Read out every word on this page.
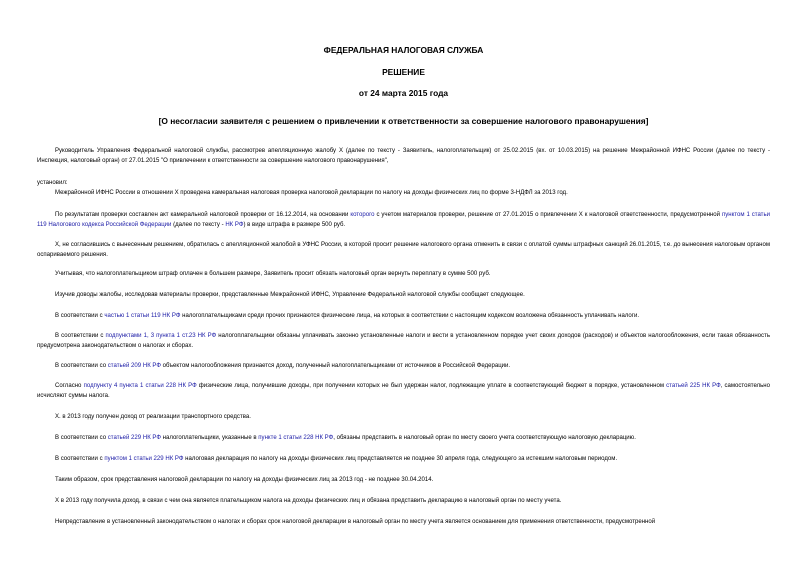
ФЕДЕРАЛЬНАЯ НАЛОГОВАЯ СЛУЖБА
РЕШЕНИЕ
от 24 марта 2015 года
[О несогласии заявителя с решением о привлечении к ответственности за совершение налогового правонарушения]

Руководитель Управления Федеральной налоговой службы, рассмотрев апелляционную жалобу Х (далее по тексту - Заявитель, налогоплательщик) от 25.02.2015 (вх. от 10.03.2015) на решение Межрайонной ИФНС России (далее по тексту - Инспекция, налоговый орган) от 27.01.2015 "О привлечении к ответственности за совершение налогового правонарушения",

установил:

Межрайонной ИФНС России в отношении Х проведена камеральная налоговая проверка налоговой декларации по налогу на доходы физических лиц по форме 3-НДФЛ за 2013 год.

По результатам проверки составлен акт камеральной налоговой проверки от 16.12.2014, на основании которого с учетом материалов проверки, решение от 27.01.2015 о привлечении Х к налоговой ответственности, предусмотренной пунктом 1 статьи 119 Налогового кодекса Российской Федерации (далее по тексту - НК РФ) в виде штрафа в размере 500 руб.

Х, не согласившись с вынесенным решением, обратилась с апелляционной жалобой в УФНС России, в которой просит решение налогового органа отменить в связи с оплатой суммы штрафных санкций 26.01.2015, т.е. до вынесения налоговым органом оспариваемого решения.

Учитывая, что налогоплательщиком штраф оплачен в большем размере, Заявитель просит обязать налоговый орган вернуть переплату в сумме 500 руб.

Изучив доводы жалобы, исследовав материалы проверки, представленные Межрайонной ИФНС, Управление Федеральной налоговой службы сообщает следующее.

В соответствии с частью 1 статьи 119 НК РФ налогоплательщиками среди прочих признаются физические лица, на которых в соответствии с настоящим кодексом возложена обязанность уплачивать налоги.

В соответствии с подпунктами 1, 3 пункта 1 ст.23 НК РФ налогоплательщики обязаны уплачивать законно установленные налоги и вести в установленном порядке учет своих доходов (расходов) и объектов налогообложения, если такая обязанность предусмотрена законодательством о налогах и сборах.

В соответствии со статьей 209 НК РФ объектом налогообложения признается доход, полученный налогоплательщиками от источников в Российской Федерации.

Согласно подпункту 4 пункта 1 статьи 228 НК РФ физические лица, получившие доходы, при получении которых не был удержан налог, подлежащие уплате в соответствующий бюджет в порядке, установленном статьей 225 НК РФ, самостоятельно исчисляют суммы налога.

Х. в 2013 году получен доход от реализации транспортного средства.

В соответствии со статьей 229 НК РФ налогоплательщики, указанные в пункте 1 статьи 228 НК РФ, обязаны представить в налоговый орган по месту своего учета соответствующую налоговую декларацию.

В соответствии с пунктом 1 статьи 229 НК РФ налоговая декларация по налогу на доходы физических лиц представляется не позднее 30 апреля года, следующего за истекшим налоговым периодом.

Таким образом, срок представления налоговой декларации по налогу на доходы физических лиц за 2013 год - не позднее 30.04.2014.

Х в 2013 году получила доход, в связи с чем она является плательщиком налога на доходы физических лиц и обязана представить декларацию в налоговый орган по месту учета.

Непредставление в установленный законодательством о налогах и сборах срок налоговой декларации в налоговый орган по месту учета является основанием для применения ответственности, предусмотренной
